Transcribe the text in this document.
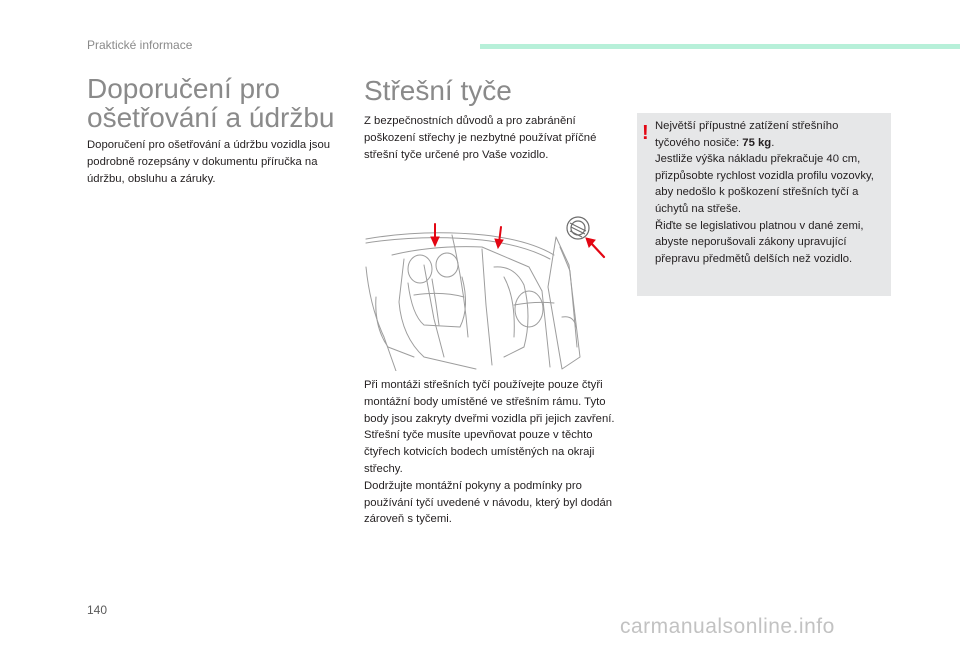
Praktické informace
Doporučení pro
ošetřování a údržbu

Doporučení pro ošetřování a údržbu vozidla jsou podrobně rozepsány v dokumentu příručka na údržbu, obsluhu a záruky.

Střešní tyče

Z bezpečnostních důvodů a pro zabránění poškození střechy je nezbytné používat příčné střešní tyče určené pro Vaše vozidlo.

! Největší přípustné zatížení střešního tyčového nosiče: 75 kg.
Jestliže výška nákladu překračuje 40 cm, přizpůsobte rychlost vozidla profilu vozovky, aby nedošlo k poškození střešních tyčí a úchytů na střeše.
Řiďte se legislativou platnou v dané zemi, abyste neporušovali zákony upravující přepravu předmětů delších než vozidlo.

Při montáži střešních tyčí používejte pouze čtyři montážní body umístěné ve střešním rámu. Tyto body jsou zakryty dveřmi vozidla při jejich zavření.
Střešní tyče musíte upevňovat pouze v těchto čtyřech kotvicích bodech umístěných na okraji střechy.
Dodržujte montážní pokyny a podmínky pro používání tyčí uvedené v návodu, který byl dodán zároveň s tyčemi.

140
carmanualsonline.info
